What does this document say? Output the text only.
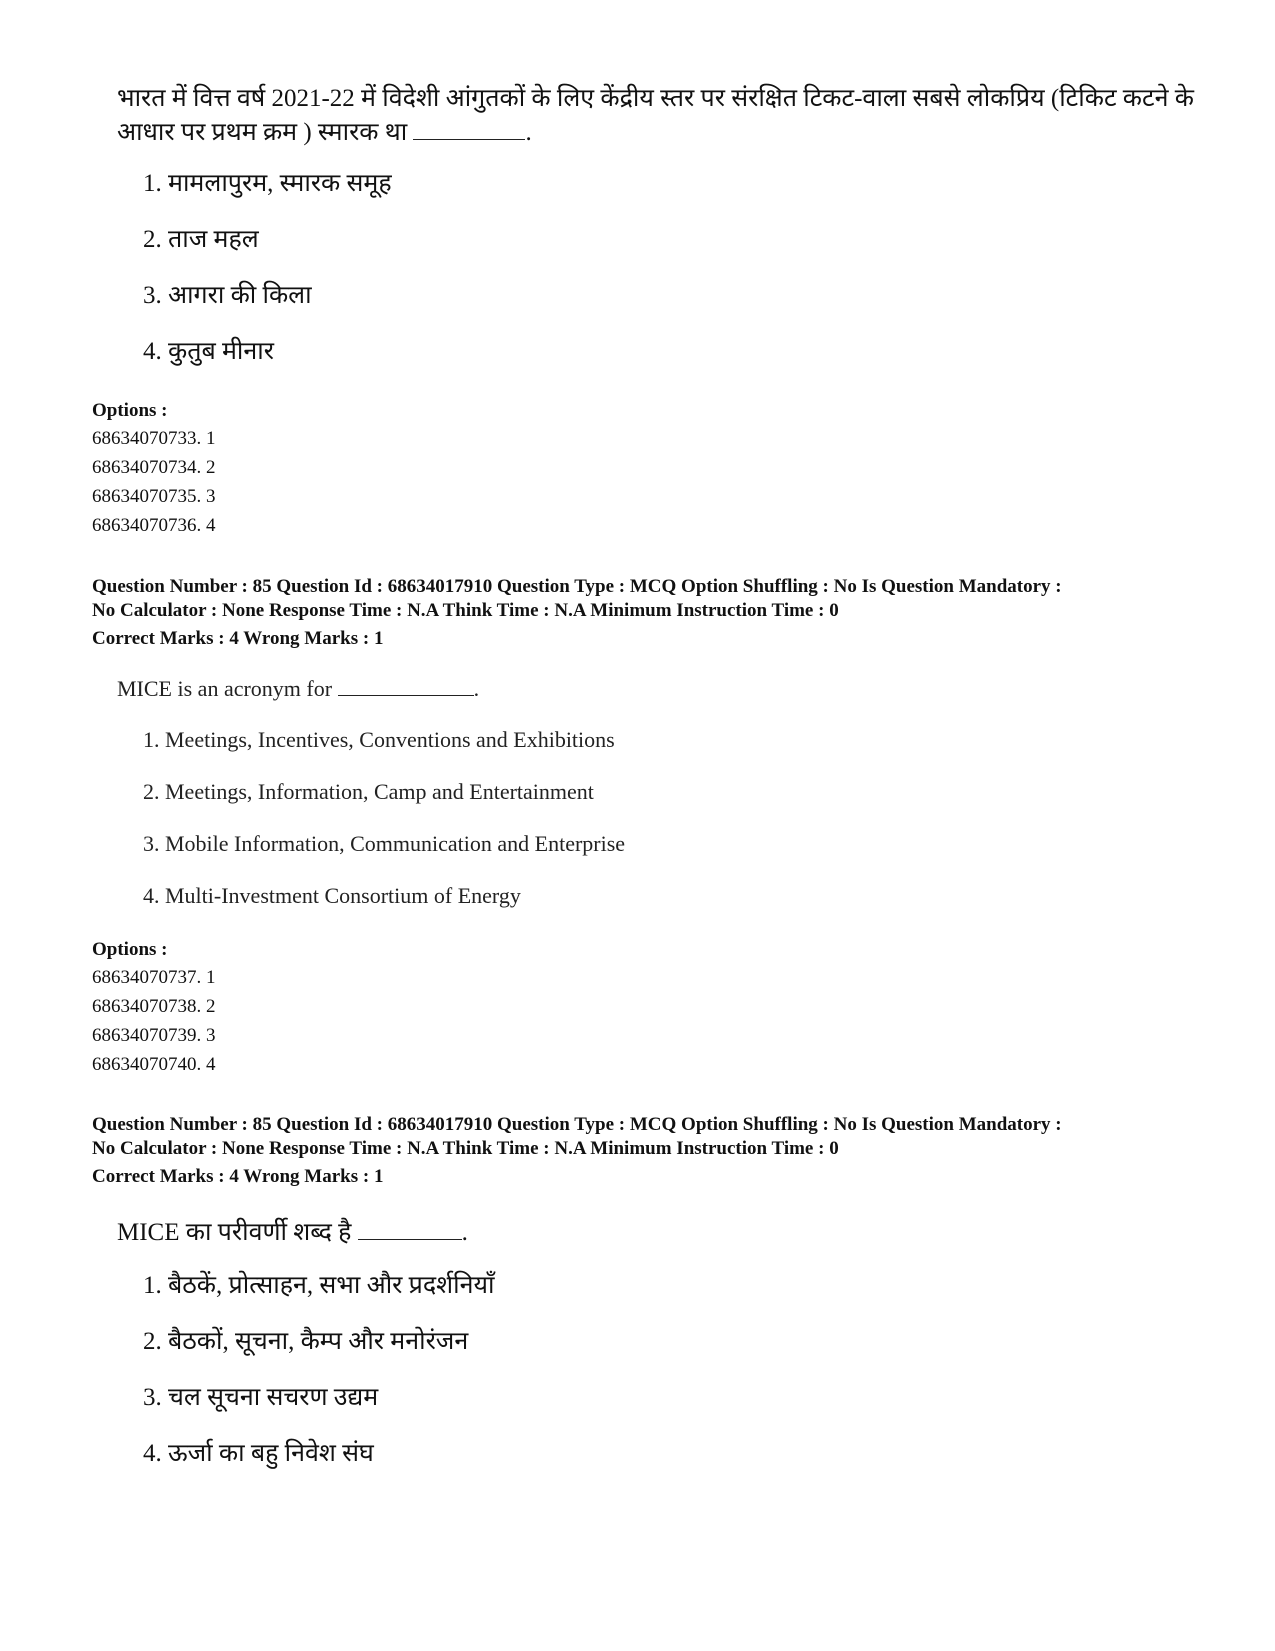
भारत में वित्त वर्ष 2021-22 में विदेशी आंगुतकों के लिए केंद्रीय स्तर पर संरक्षित टिकट-वाला सबसे लोकप्रिय (टिकिट कटने के आधार पर प्रथम क्रम ) स्मारक था	.

1. मामलापुरम, स्मारक समूह
2. ताज महल
3. आगरा की किला
4. कुतुब मीनार
Options :
68634070733. 1
68634070734. 2
68634070735. 3
68634070736. 4
Question Number : 85 Question Id : 68634017910 Question Type : MCQ Option Shuffling : No Is Question Mandatory :
No Calculator : None Response Time : N.A Think Time : N.A Minimum Instruction Time : 0
Correct Marks : 4 Wrong Marks : 1

MICE is an acronym for	.

1. Meetings, Incentives, Conventions and Exhibitions
2. Meetings, Information, Camp and Entertainment
3. Mobile Information, Communication and Enterprise
4. Multi-Investment Consortium of Energy
Options :
68634070737. 1
68634070738. 2
68634070739. 3
68634070740. 4
Question Number : 85 Question Id : 68634017910 Question Type : MCQ Option Shuffling : No Is Question Mandatory :
No Calculator : None Response Time : N.A Think Time : N.A Minimum Instruction Time : 0
Correct Marks : 4 Wrong Marks : 1

MICE का परीवर्णी शब्द है	.

1. बैठकें, प्रोत्साहन, सभा और प्रदर्शनियाँ
2. बैठकों, सूचना, कैम्प और मनोरंजन
3. चल सूचना सचरण उद्यम
4. ऊर्जा का बहु निवेश संघ
